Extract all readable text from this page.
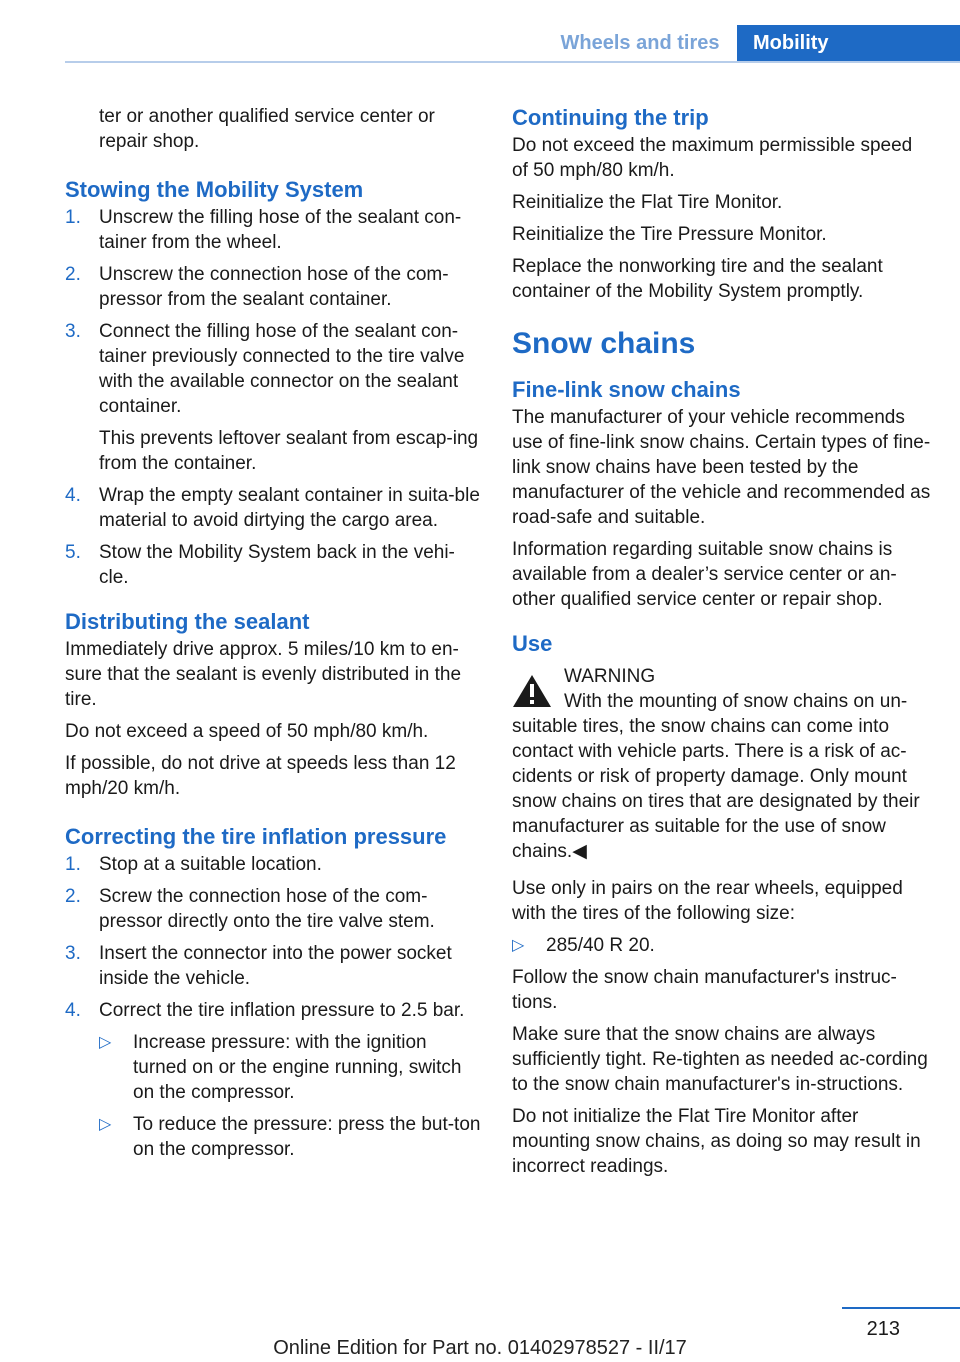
Wheels and tires	Mobility

ter or another qualified service center or repair shop.

Stowing the Mobility System
1. Unscrew the filling hose of the sealant con‐tainer from the wheel.
2. Unscrew the connection hose of the com‐pressor from the sealant container.
3. Connect the filling hose of the sealant con‐tainer previously connected to the tire valve with the available connector on the sealant container.
This prevents leftover sealant from escap‐ing from the container.
4. Wrap the empty sealant container in suita‐ble material to avoid dirtying the cargo area.
5. Stow the Mobility System back in the vehi‐cle.
Distributing the sealant

Immediately drive approx. 5 miles/10 km to en‐sure that the sealant is evenly distributed in the tire.

Do not exceed a speed of 50 mph/80 km/h.

If possible, do not drive at speeds less than 12 mph/20 km/h.

Correcting the tire inflation pressure
1. Stop at a suitable location.
2. Screw the connection hose of the com‐pressor directly onto the tire valve stem.
3. Insert the connector into the power socket inside the vehicle.
4. Correct the tire inflation pressure to 2.5 bar.
▷ Increase pressure: with the ignition turned on or the engine running, switch on the compressor.
▷ To reduce the pressure: press the but‐ton on the compressor.
Continuing the trip

Do not exceed the maximum permissible speed of 50 mph/80 km/h.

Reinitialize the Flat Tire Monitor.

Reinitialize the Tire Pressure Monitor.

Replace the nonworking tire and the sealant container of the Mobility System promptly.

Snow chains
Fine-link snow chains

The manufacturer of your vehicle recommends use of fine-link snow chains. Certain types of fine-link snow chains have been tested by the manufacturer of the vehicle and recommended as road-safe and suitable.

Information regarding suitable snow chains is available from a dealer’s service center or an‐other qualified service center or repair shop.

Use
WARNING
With the mounting of snow chains on un‐
suitable tires, the snow chains can come into contact with vehicle parts. There is a risk of ac‐cidents or risk of property damage. Only mount snow chains on tires that are designated by their manufacturer as suitable for the use of snow chains.◀

Use only in pairs on the rear wheels, equipped with the tires of the following size:

▷ 285/40 R 20.

Follow the snow chain manufacturer's instruc‐tions.

Make sure that the snow chains are always sufficiently tight. Re-tighten as needed ac‐cording to the snow chain manufacturer's in‐structions.

Do not initialize the Flat Tire Monitor after mounting snow chains, as doing so may result in incorrect readings.

213
Online Edition for Part no. 01402978527 - II/17
